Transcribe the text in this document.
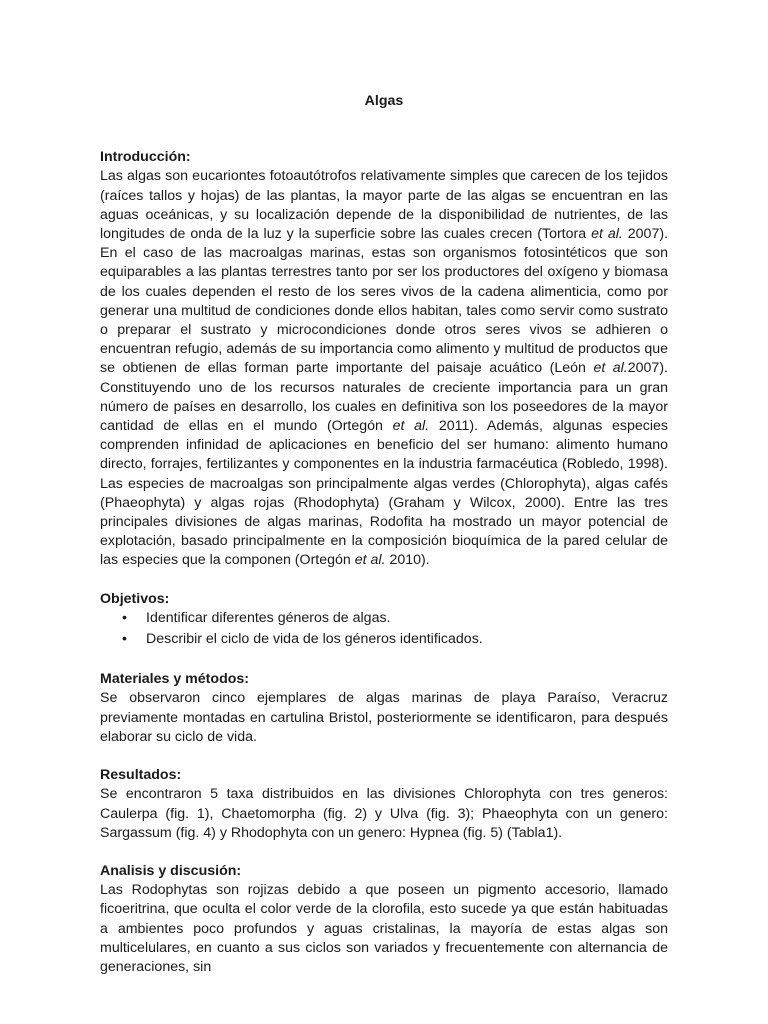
Algas

Introducción:

Las algas son eucariontes fotoautótrofos relativamente simples que carecen de los tejidos (raíces tallos y hojas) de las plantas, la mayor parte de las algas se encuentran en las aguas oceánicas, y su localización depende de la disponibilidad de nutrientes, de las longitudes de onda de la luz y la superficie sobre las cuales crecen (Tortora et al. 2007). En el caso de las macroalgas marinas, estas son organismos fotosintéticos que son equiparables a las plantas terrestres tanto por ser los productores del oxígeno y biomasa de los cuales dependen el resto de los seres vivos de la cadena alimenticia, como por generar una multitud de condiciones donde ellos habitan, tales como servir como sustrato o preparar el sustrato y microcondiciones donde otros seres vivos se adhieren o encuentran refugio, además de su importancia como alimento y multitud de productos que se obtienen de ellas forman parte importante del paisaje acuático (León et al.2007). Constituyendo uno de los recursos naturales de creciente importancia para un gran número de países en desarrollo, los cuales en definitiva son los poseedores de la mayor cantidad de ellas en el mundo (Ortegón et al. 2011). Además, algunas especies comprenden infinidad de aplicaciones en beneficio del ser humano: alimento humano directo, forrajes, fertilizantes y componentes en la industria farmacéutica (Robledo, 1998). Las especies de macroalgas son principalmente algas verdes (Chlorophyta), algas cafés (Phaeophyta) y algas rojas (Rhodophyta) (Graham y Wilcox, 2000). Entre las tres principales divisiones de algas marinas, Rodofita ha mostrado un mayor potencial de explotación, basado principalmente en la composición bioquímica de la pared celular de las especies que la componen (Ortegón et al. 2010).

Objetivos:

• Identificar diferentes géneros de algas.
• Describir el ciclo de vida de los géneros identificados.

Materiales y métodos:

Se observaron cinco ejemplares de algas marinas de playa Paraíso, Veracruz previamente montadas en cartulina Bristol, posteriormente se identificaron, para después elaborar su ciclo de vida.

Resultados:

Se encontraron 5 taxa distribuidos en las divisiones Chlorophyta con tres generos: Caulerpa (fig. 1), Chaetomorpha (fig. 2) y Ulva (fig. 3); Phaeophyta con un genero: Sargassum (fig. 4) y Rhodophyta con un genero: Hypnea (fig. 5) (Tabla1).

Analisis y discusión:

Las Rodophytas son rojizas debido a que poseen un pigmento accesorio, llamado ficoeritrina, que oculta el color verde de la clorofila, esto sucede ya que están habituadas a ambientes poco profundos y aguas cristalinas, la mayoría de estas algas son multicelulares, en cuanto a sus ciclos son variados y frecuentemente con alternancia de generaciones, sin
